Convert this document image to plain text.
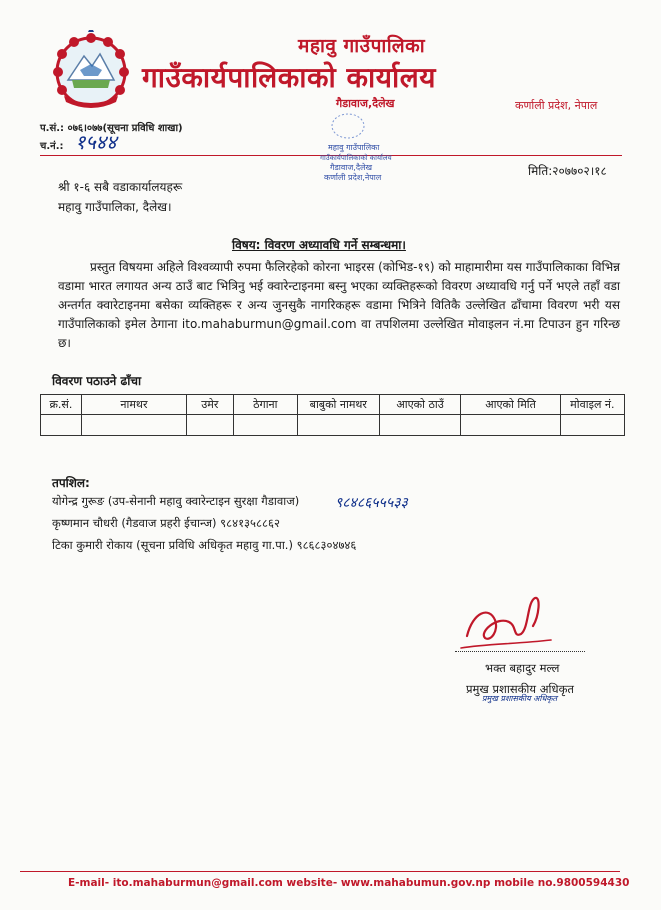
महावु गाउँपालिका
गाउँकार्यपालिकाको कार्यालय
गैडावाज,दैलेख	कर्णाली प्रदेश, नेपाल
प.सं.: ०७६।०७७(सूचना प्रविधि शाखा)
च.नं.: १५४४	महावु गाउँपालिका
गाउँकार्यपालिकाको कार्यालय
गैडावाज,दैलेख
कर्णाली प्रदेश,नेपाल	मिति:२०७७०२।१८
श्री १-६ सबै वडाकार्यालयहरू
महावु गाउँपालिका, दैलेख।
विषय: विवरण अध्यावधि गर्ने सम्बन्धमा।
प्रस्तुत विषयमा अहिले विश्वव्यापी रुपमा फैलिरहेको कोरना भाइरस (कोभिड-१९) को माहामारीमा यस गाउँपालिकाका विभिन्न वडामा भारत लगायत अन्य ठाउँ बाट भित्रिनु भई क्वारेन्टाइनमा बस्नु भएका व्यक्तिहरूको विवरण अध्यावधि गर्नु पर्ने भएले तहाँ वडा अन्तर्गत क्वारेटाइनमा बसेका व्यक्तिहरू र अन्य जुनसुकै नागरिकहरू वडामा भित्रिने वितिकै उल्लेखित ढाँचामा विवरण भरी यस गाउँपालिकाको इमेल ठेगाना ito.mahaburmun@gmail.com वा तपशिलमा उल्लेखित मोवाइलन नं.मा टिपाउन हुन गरिन्छ छ।
विवरण पठाउने ढाँचा
क्र.सं.	नामथर	उमेर	ठेगाना	बाबुको नामथर	आएको ठाउँ	आएको मिति	मोवाइल नं.

तपशिल:
योगेन्द्र गुरूङ (उप-सेनानी महावु क्वारेन्टाइन सुरक्षा गैडावाज)	९८४८६५५५३३
कृष्णमान चौधरी (गैडवाज प्रहरी ईचान्ज) ९८४१३५८८६२
टिका कुमारी रोकाय (सूचना प्रविधि अधिकृत महावु गा.पा.) ९८६८३०४७४६
भक्त बहादुर मल्ल
प्रमुख प्रशासकीय अधिकृत
प्रमुख प्रशासकीय अधिकृत
E-mail- ito.mahaburmun@gmail.com website- www.mahabumun.gov.np mobile no.9800594430
